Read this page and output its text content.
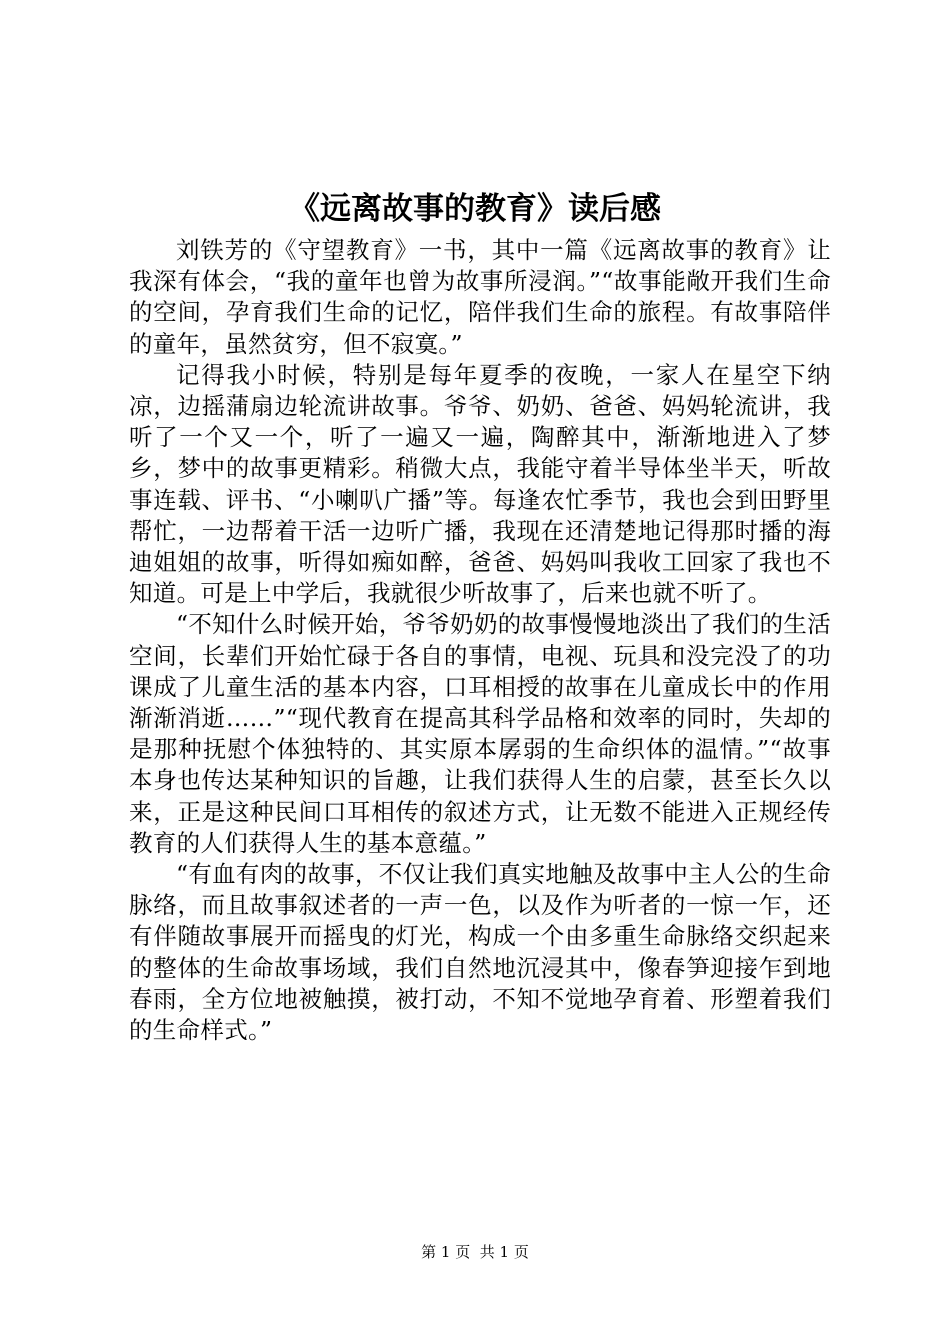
《远离故事的教育》读后感

刘铁芳的《守望教育》一书，其中一篇《远离故事的教育》让我深有体会，“我的童年也曾为故事所浸润。”“故事能敞开我们生命的空间，孕育我们生命的记忆，陪伴我们生命的旅程。有故事陪伴的童年，虽然贫穷，但不寂寞。”

记得我小时候，特别是每年夏季的夜晚，一家人在星空下纳凉，边摇蒲扇边轮流讲故事。爷爷、奶奶、爸爸、妈妈轮流讲，我听了一个又一个，听了一遍又一遍，陶醉其中，渐渐地进入了梦乡，梦中的故事更精彩。稍微大点，我能守着半导体坐半天，听故事连载、评书、“小喇叭广播”等。每逢农忙季节，我也会到田野里帮忙，一边帮着干活一边听广播，我现在还清楚地记得那时播的海迪姐姐的故事，听得如痴如醉，爸爸、妈妈叫我收工回家了我也不知道。可是上中学后，我就很少听故事了，后来也就不听了。

“不知什么时候开始，爷爷奶奶的故事慢慢地淡出了我们的生活空间，长辈们开始忙碌于各自的事情，电视、玩具和没完没了的功课成了儿童生活的基本内容，口耳相授的故事在儿童成长中的作用渐渐消逝……”“现代教育在提高其科学品格和效率的同时，失却的是那种抚慰个体独特的、其实原本孱弱的生命织体的温情。”“故事本身也传达某种知识的旨趣，让我们获得人生的启蒙，甚至长久以来，正是这种民间口耳相传的叙述方式，让无数不能进入正规经传教育的人们获得人生的基本意蕴。”

“有血有肉的故事，不仅让我们真实地触及故事中主人公的生命脉络，而且故事叙述者的一声一色，以及作为听者的一惊一乍，还有伴随故事展开而摇曳的灯光，构成一个由多重生命脉络交织起来的整体的生命故事场域，我们自然地沉浸其中，像春笋迎接乍到地春雨，全方位地被触摸，被打动，不知不觉地孕育着、形塑着我们的生命样式。”

第 1 页  共 1 页
